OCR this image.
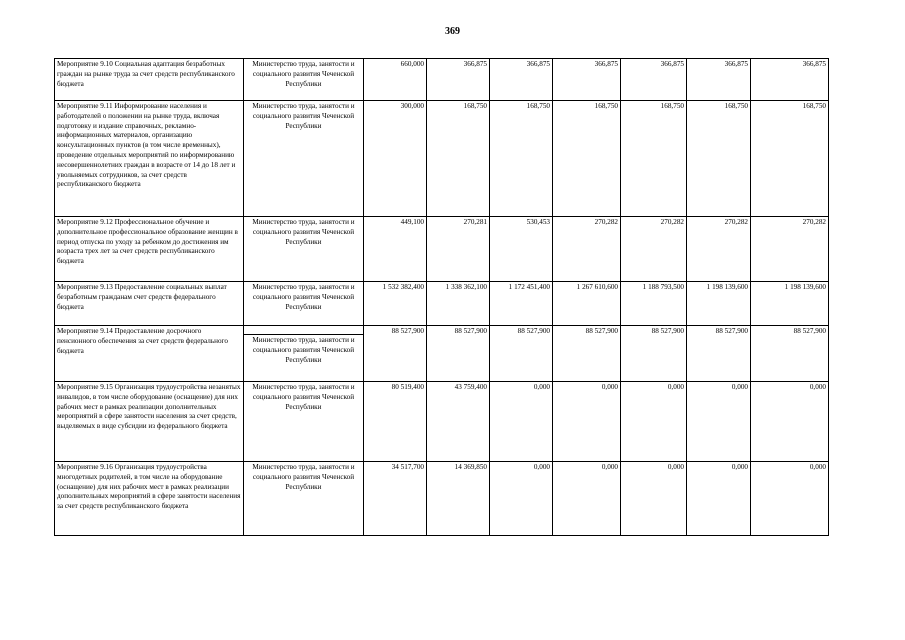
369
Мероприятие 9.10 Социальная адаптация безработных граждан на рынке труда за счет средств республиканского бюджета	Министерство труда, занятости и социального развития Чеченской Республики	660,000	366,875	366,875	366,875	366,875	366,875	366,875
Мероприятие 9.11 Информирование населения и работодателей о положении на рынке труда, включая подготовку и издание справочных, рекламно- информационных материалов, организацию консультационных пунктов (в том числе временных), проведение отдельных мероприятий по информированию несовершеннолетних граждан в возрасте от 14 до 18 лет и увольняемых сотрудников, за счет средств республиканского бюджета	Министерство труда, занятости и социального развития Чеченской Республики	300,000	168,750	168,750	168,750	168,750	168,750	168,750
Мероприятие 9.12 Профессиональное обучение и дополнительное профессиональное образование женщин в период отпуска по уходу за ребенком до достижения им возраста трех лет за счет средств республиканского бюджета	Министерство труда, занятости и социального развития Чеченской Республики	449,100	270,281	530,453	270,282	270,282	270,282	270,282
Мероприятие 9.13 Предоставление социальных выплат безработным гражданам счет средств федерального бюджета	Министерство труда, занятости и социального развития Чеченской Республики	1 532 382,400	1 338 362,100	1 172 451,400	1 267 610,600	1 188 793,500	1 198 139,600	1 198 139,600
Мероприятие 9.14 Предоставление досрочного пенсионного обеспечения за счет средств федерального бюджета	Министерство труда, занятости и социального развития Чеченской Республики	88 527,900	88 527,900	88 527,900	88 527,900	88 527,900	88 527,900	88 527,900
Мероприятие 9.15 Организация трудоустройства незанятых инвалидов, в том числе оборудование (оснащение) для них рабочих мест в рамках реализации дополнительных мероприятий в сфере занятости населения за счет средств, выделяемых в виде субсидии из федерального бюджета	Министерство труда, занятости и социального развития Чеченской Республики	80 519,400	43 759,400	0,000	0,000	0,000	0,000	0,000
Мероприятие 9.16 Организация трудоустройства многодетных родителей, в том числе на оборудование (оснащение) для них рабочих мест в рамках реализации дополнительных мероприятий в сфере занятости населения за счет средств республиканского бюджета	Министерство труда, занятости и социального развития Чеченской Республики	34 517,700	14 369,850	0,000	0,000	0,000	0,000	0,000
